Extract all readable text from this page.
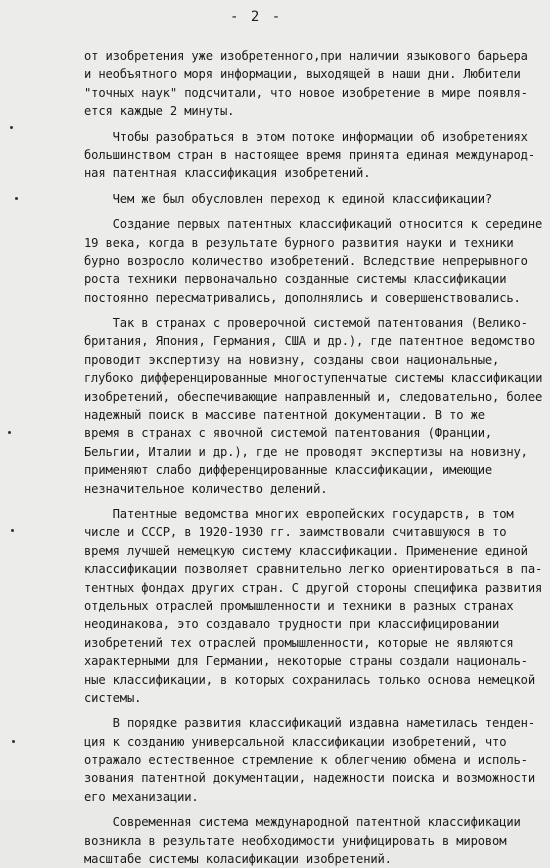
- 2 -
от изобретения уже изобретенного,при наличии языкового барьера
и необъятного моря информации, выходящей в наши дни. Любители
"точных наук" подсчитали, что новое изобретение в мире появля-
ется каждые 2 минуты.
Чтобы разобраться в этом потоке информации об изобретениях
большинством стран в настоящее время принята единая международ-
ная патентная классификация изобретений.
Чем же был обусловлен переход к единой классификации?
Создание первых патентных классификаций относится к середине
19 века, когда в результате бурного развития науки и техники
бурно возросло количество изобретений. Вследствие непрерывного
роста техники первоначально созданные системы классификации
постоянно пересматривались, дополнялись и совершенствовались.
Так в странах с проверочной системой патентования (Велико-
британия, Япония, Германия, США и др.), где патентное ведомство
проводит экспертизу на новизну, созданы свои национальные,
глубоко дифференцированные многоступенчатые системы классификации
изобретений, обеспечивающие направленный и, следовательно, более
надежный поиск в массиве патентной документации. В то же
время в странах с явочной системой патентования (Франции,
Бельгии, Италии и др.), где не проводят экспертизы на новизну,
применяют слабо дифференцированные классификации, имеющие
незначительное количество делений.
Патентные ведомства многих европейских государств, в том
числе и СССР, в 1920-1930 гг. заимствовали считавшуюся в то
время лучшей немецкую систему классификации. Применение единой
классификации позволяет сравнительно легко ориентироваться в па-
тентных фондах других стран. С другой стороны специфика развития
отдельных отраслей промышленности и техники в разных странах
неодинакова, это создавало трудности при классифицировании
изобретений тех отраслей промышленности, которые не являются
характерными для Германии, некоторые страны создали националь-
ные классификации, в которых сохранилась только основа немецкой
системы.
В порядке развития классификаций издавна наметилась тенден-
ция к созданию универсальной классификации изобретений, что
отражало естественное стремление к облегчению обмена и исполь-
зования патентной документации, надежности поиска и возможности
его механизации.
Современная система международной патентной классификации
возникла в результате необходимости унифицировать в мировом
масштабе системы коласификации изобретений.
